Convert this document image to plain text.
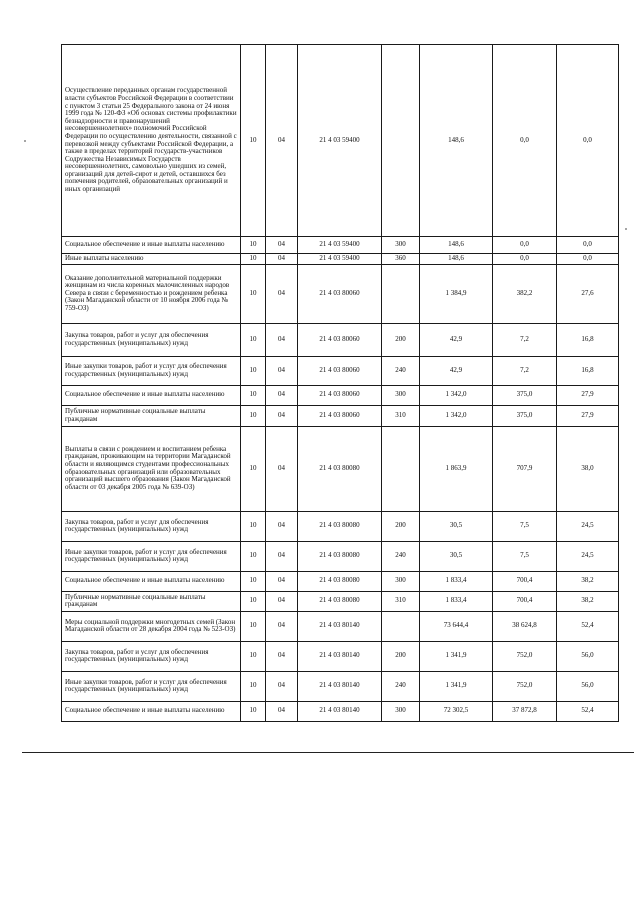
Осуществление переданных органам государственной власти субъектов Российской Федерации в соответствии с пунктом 3 статьи 25 Федерального закона от 24 июня 1999 года № 120-ФЗ «Об основах системы профилактики безнадзорности и правонарушений несовершеннолетних» полномочий Российской Федерации по осуществлению деятельности, связанной с перевозкой между субъектами Российской Федерации, а также в пределах территорий государств-участников Содружества Независимых Государств несовершеннолетних, самовольно ушедших из семей, организаций для детей-сирот и детей, оставшихся без попечения родителей, образовательных организаций и иных организаций	10	04	21 4 03 59400		148,6	0,0	0,0
Социальное обеспечение и иные выплаты населению	10	04	21 4 03 59400	300	148,6	0,0	0,0
Иные выплаты населению	10	04	21 4 03 59400	360	148,6	0,0	0,0
Оказание дополнительной материальной поддержки женщинам из числа коренных малочисленных народов Севера в связи с беременностью и рождением ребенка (Закон Магаданской области от 10 ноября 2006 года № 759-ОЗ)	10	04	21 4 03 80060		1 384,9	382,2	27,6
Закупка товаров, работ и услуг для обеспечения государственных (муниципальных) нужд	10	04	21 4 03 80060	200	42,9	7,2	16,8
Иные закупки товаров, работ и услуг для обеспечения государственных (муниципальных) нужд	10	04	21 4 03 80060	240	42,9	7,2	16,8
Социальное обеспечение и иные выплаты населению	10	04	21 4 03 80060	300	1 342,0	375,0	27,9
Публичные нормативные социальные выплаты гражданам	10	04	21 4 03 80060	310	1 342,0	375,0	27,9
Выплаты в связи с рождением и воспитанием ребенка гражданам, проживающим на территории Магаданской области и являющимся студентами профессиональных образовательных организаций или образовательных организаций высшего образования (Закон Магаданской области от 03 декабря 2005 года № 639-ОЗ)	10	04	21 4 03 80080		1 863,9	707,9	38,0
Закупка товаров, работ и услуг для обеспечения государственных (муниципальных) нужд	10	04	21 4 03 80080	200	30,5	7,5	24,5
Иные закупки товаров, работ и услуг для обеспечения государственных (муниципальных) нужд	10	04	21 4 03 80080	240	30,5	7,5	24,5
Социальное обеспечение и иные выплаты населению	10	04	21 4 03 80080	300	1 833,4	700,4	38,2
Публичные нормативные социальные выплаты гражданам	10	04	21 4 03 80080	310	1 833,4	700,4	38,2
Меры социальной поддержки многодетных семей (Закон Магаданской области от 28 декабря 2004 года № 523-ОЗ)	10	04	21 4 03 80140		73 644,4	38 624,8	52,4
Закупка товаров, работ и услуг для обеспечения государственных (муниципальных) нужд	10	04	21 4 03 80140	200	1 341,9	752,0	56,0
Иные закупки товаров, работ и услуг для обеспечения государственных (муниципальных) нужд	10	04	21 4 03 80140	240	1 341,9	752,0	56,0
Социальное обеспечение и иные выплаты населению	10	04	21 4 03 80140	300	72 302,5	37 872,8	52,4
